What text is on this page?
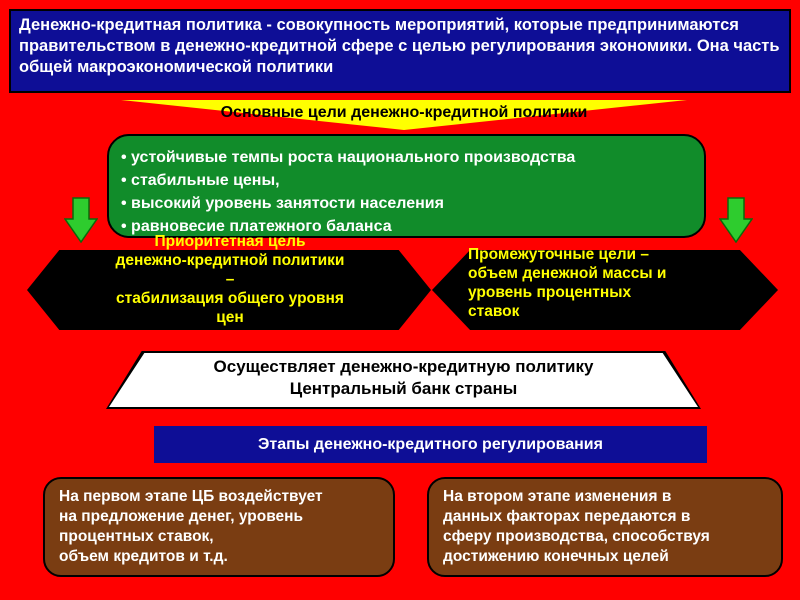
Денежно-кредитная политика - совокупность мероприятий, которые предпринимаются правительством в денежно-кредитной сфере с целью регулирования экономики. Она часть общей макроэкономической политики
Основные цели денежно-кредитной политики
• устойчивые темпы роста национального производства
• стабильные цены,
• высокий уровень занятости населения
• равновесие платежного баланса
Приоритетная цель
денежно-кредитной политики
–
стабилизация общего уровня
цен
Промежуточные цели –
объем денежной массы и
уровень процентных
ставок
Осуществляет денежно-кредитную политику
Центральный банк страны
Этапы денежно-кредитного регулирования
На первом этапе ЦБ воздействует
на предложение денег, уровень
процентных ставок,
объем кредитов и т.д.
На втором этапе изменения в
данных факторах передаются в
сферу производства, способствуя
достижению конечных целей
